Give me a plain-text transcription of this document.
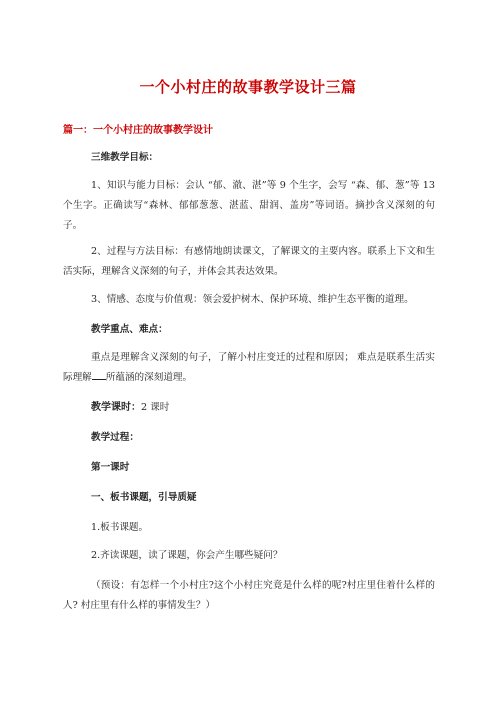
一个小村庄的故事教学设计三篇
篇一：一个小村庄的故事教学设计
三维教学目标：
1、知识与能力目标：会认 “郁、澈、湛”等 9 个生字，会写 “森、郁、葱”等 13 个生字。正确读写“森林、郁郁葱葱、湛蓝、甜润、盖房”等词语。摘抄含义深刻的句子。
2、过程与方法目标：有感情地朗读课文，了解课文的主要内容。联系上下文和生活实际，理解含义深刻的句子，并体会其表达效果。
3、情感、态度与价值观：领会爱护树木、保护环境、维护生态平衡的道理。
教学重点、难点：
重点是理解含义深刻的句子，了解小村庄变迁的过程和原因； 难点是联系生活实际理解 所蕴涵的深刻道理。
教学课时：2 课时
教学过程：
第一课时
一、板书课题，引导质疑
1.板书课题。
2.齐读课题，读了课题，你会产生哪些疑问？
（预设：有怎样一个小村庄?这个小村庄究竟是什么样的呢?村庄里住着什么样的人? 村庄里有什么样的事情发生？）
